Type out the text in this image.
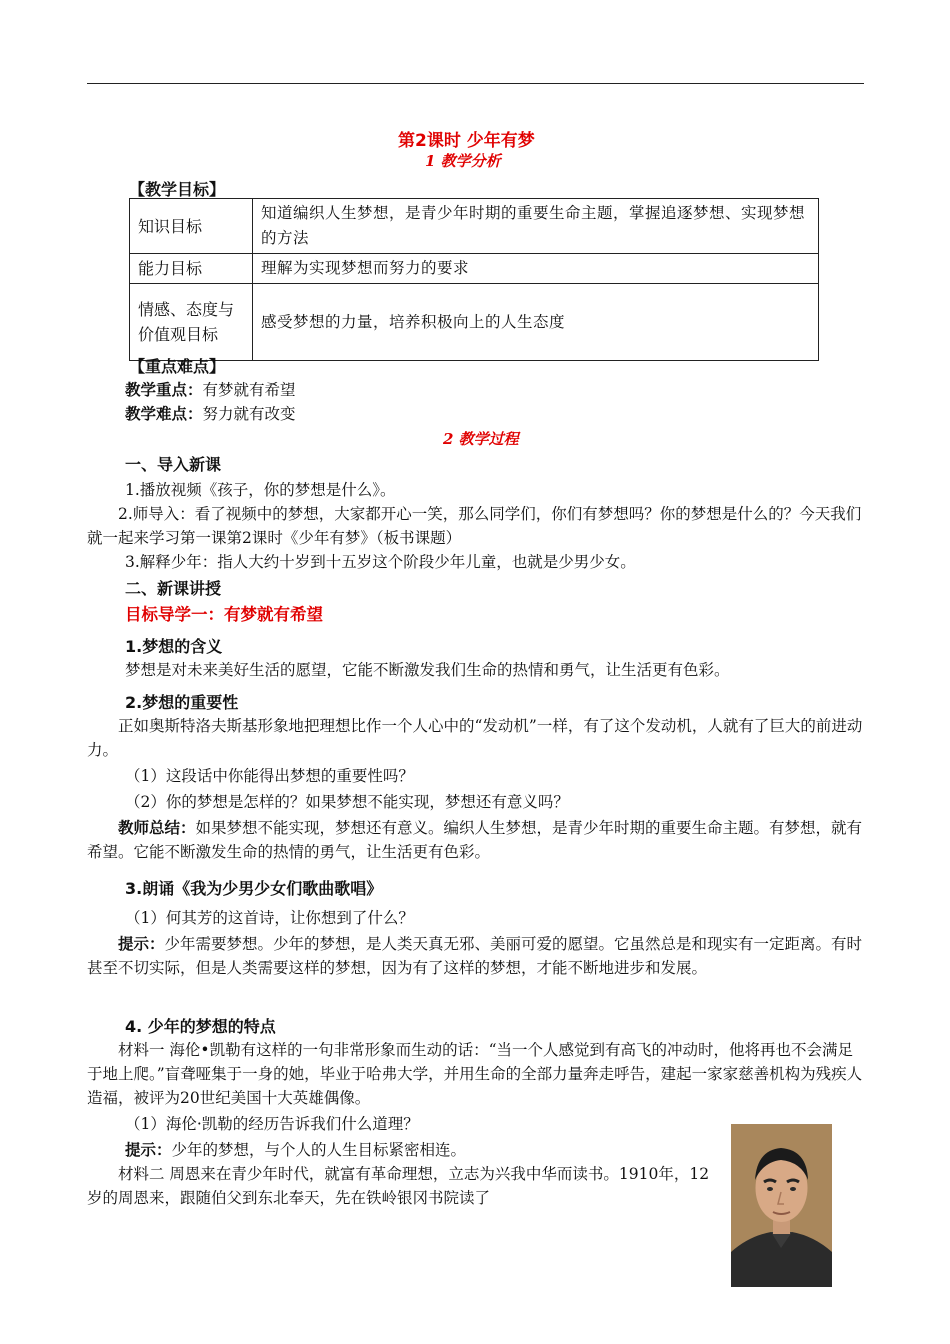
第2课时 少年有梦
1 教学分析
【教学目标】
知识目标	知道编织人生梦想，是青少年时期的重要生命主题，掌握追逐梦想、实现梦想的方法
能力目标	理解为实现梦想而努力的要求
情感、态度与价值观目标	感受梦想的力量，培养积极向上的人生态度
【重点难点】
教学重点：有梦就有希望
教学难点：努力就有改变
2 教学过程
一、导入新课
1.播放视频《孩子，你的梦想是什么》。
2.师导入：看了视频中的梦想，大家都开心一笑，那么同学们，你们有梦想吗？你的梦想是什么的？今天我们就一起来学习第一课第2课时《少年有梦》（板书课题）
3.解释少年：指人大约十岁到十五岁这个阶段少年儿童，也就是少男少女。
二、新课讲授
目标导学一：有梦就有希望
1.梦想的含义
梦想是对未来美好生活的愿望，它能不断激发我们生命的热情和勇气，让生活更有色彩。
2.梦想的重要性
正如奥斯特洛夫斯基形象地把理想比作一个人心中的“发动机”一样，有了这个发动机，人就有了巨大的前进动力。
（1）这段话中你能得出梦想的重要性吗？
（2）你的梦想是怎样的？如果梦想不能实现，梦想还有意义吗？
教师总结：如果梦想不能实现，梦想还有意义。编织人生梦想，是青少年时期的重要生命主题。有梦想，就有希望。它能不断激发生命的热情的勇气，让生活更有色彩。
3.朗诵《我为少男少女们歌曲歌唱》
（1）何其芳的这首诗，让你想到了什么？
提示：少年需要梦想。少年的梦想，是人类天真无邪、美丽可爱的愿望。它虽然总是和现实有一定距离。有时甚至不切实际，但是人类需要这样的梦想，因为有了这样的梦想，才能不断地进步和发展。
4. 少年的梦想的特点
材料一 海伦•凯勒有这样的一句非常形象而生动的话：“当一个人感觉到有高飞的冲动时，他将再也不会满足于地上爬。”盲聋哑集于一身的她，毕业于哈弗大学，并用生命的全部力量奔走呼告，建起一家家慈善机构为残疾人造福，被评为20世纪美国十大英雄偶像。
（1）海伦·凯勒的经历告诉我们什么道理？
提示：少年的梦想，与个人的人生目标紧密相连。
材料二 周恩来在青少年时代，就富有革命理想，立志为兴我中华而读书。1910年，12岁的周恩来，跟随伯父到东北奉天，先在铁岭银冈书院读了
